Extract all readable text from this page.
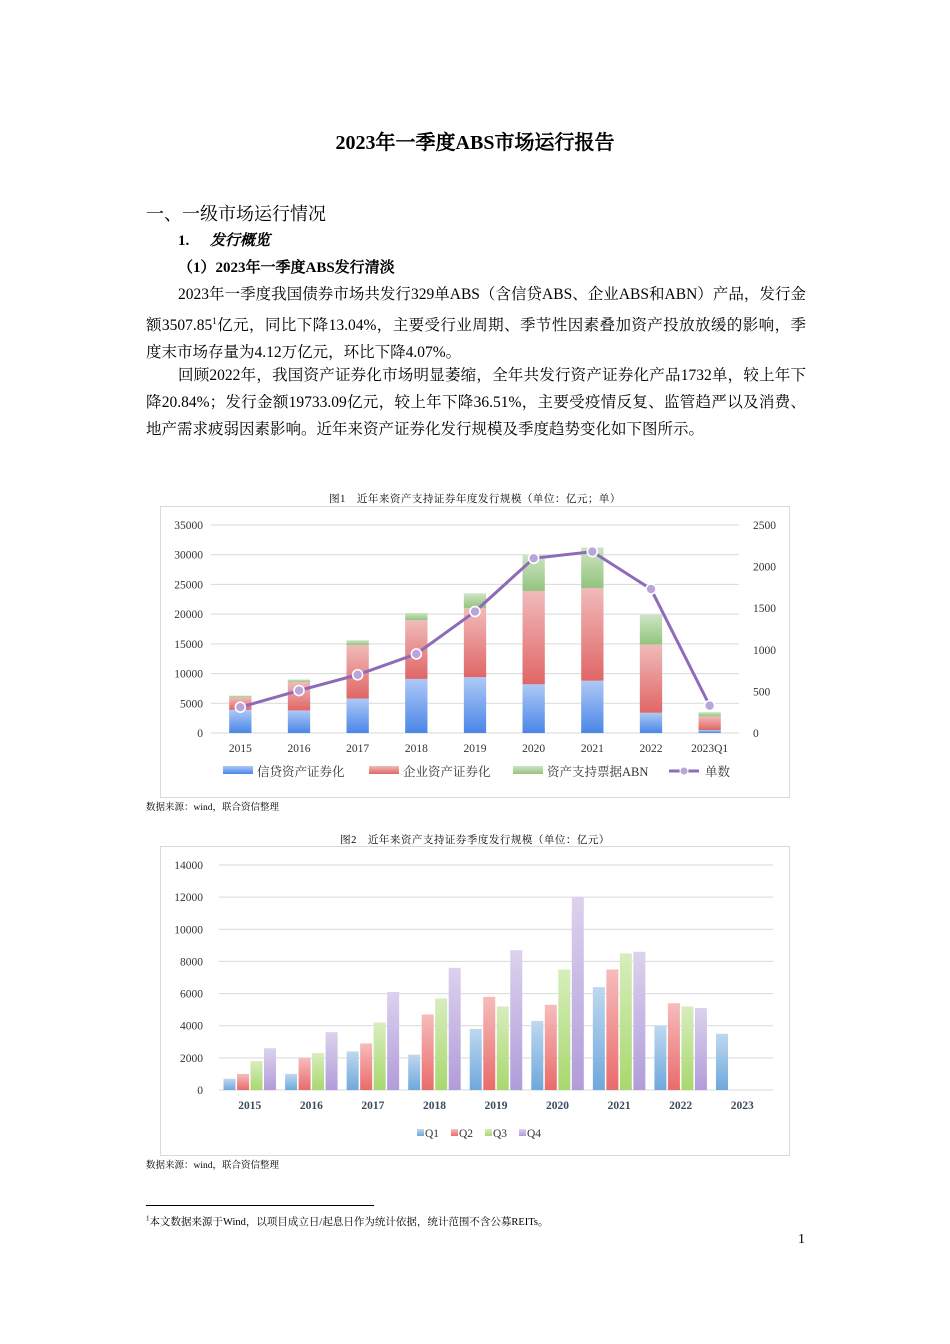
2023年一季度ABS市场运行报告
一、一级市场运行情况
1. 发行概览
（1）2023年一季度ABS发行清淡

2023年一季度我国债券市场共发行329单ABS（含信贷ABS、企业ABS和ABN）产品，发行金额3507.85$^1$亿元，同比下降13.04%，主要受行业周期、季节性因素叠加资产投放放缓的影响，季度末市场存量为4.12万亿元，环比下降4.07%。

回顾2022年，我国资产证券化市场明显萎缩，全年共发行资产证券化产品1732单，较上年下降20.84%；发行金额19733.09亿元，较上年下降36.51%，主要受疫情反复、监管趋严以及消费、地产需求疲弱因素影响。近年来资产证券化发行规模及季度趋势变化如下图所示。

图1　近年来资产支持证券年度发行规模（单位：亿元；单）

0
5000
10000
15000
20000
25000
30000
35000
0
500
1000
1500
2000
2500
2015	2016	2017	2018	2019	2020	2021	2022 2023Q1
信贷资产证券化	企业资产证券化	资产支持票据ABN	单数

数据来源：wind，联合资信整理

图2　近年来资产支持证券季度发行规模（单位：亿元）

0
2000
4000
6000
8000
10000
12000
14000
2015	2016	2017	2018	2019	2020	2021	2022	2023
Q1 Q2 Q3 Q4

数据来源：wind，联合资信整理

$^1$本文数据来源于Wind，以项目成立日/起息日作为统计依据，统计范围不含公募REITs。

1
